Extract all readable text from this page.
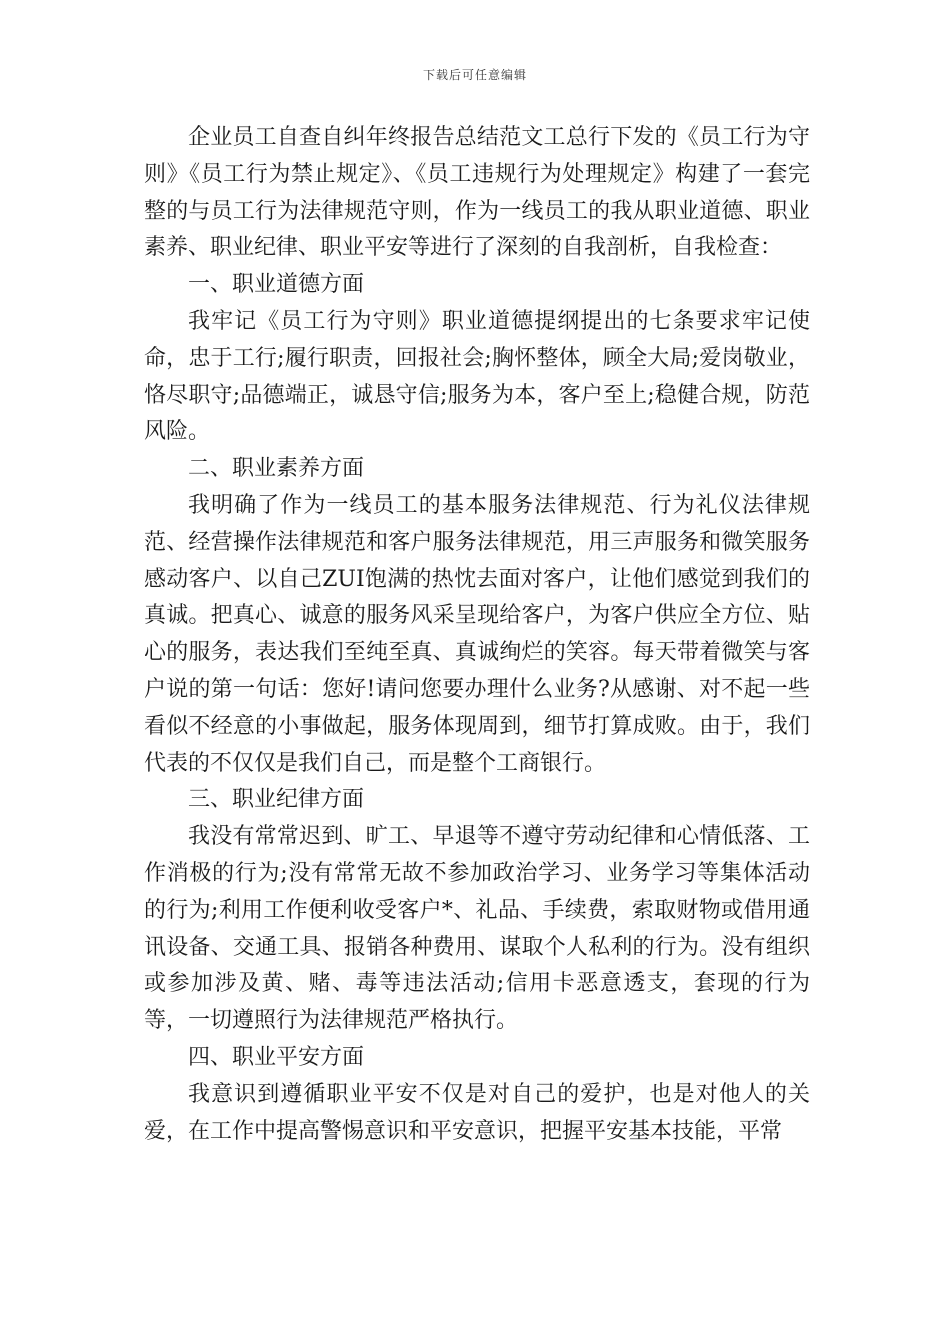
下载后可任意编辑

企业员工自查自纠年终报告总结范文工总行下发的《员工行为守则》《员工行为禁止规定》、《员工违规行为处理规定》构建了一套完整的与员工行为法律规范守则，作为一线员工的我从职业道德、职业素养、职业纪律、职业平安等进行了深刻的自我剖析，自我检查：

一、职业道德方面

我牢记《员工行为守则》职业道德提纲提出的七条要求牢记使命，忠于工行;履行职责，回报社会;胸怀整体，顾全大局;爱岗敬业，恪尽职守;品德端正，诚恳守信;服务为本，客户至上;稳健合规，防范风险。

二、职业素养方面

我明确了作为一线员工的基本服务法律规范、行为礼仪法律规范、经营操作法律规范和客户服务法律规范，用三声服务和微笑服务感动客户、以自己ZUI饱满的热忱去面对客户，让他们感觉到我们的真诚。把真心、诚意的服务风采呈现给客户，为客户供应全方位、贴心的服务，表达我们至纯至真、真诚绚烂的笑容。每天带着微笑与客户说的第一句话：您好!请问您要办理什么业务?从感谢、对不起一些看似不经意的小事做起，服务体现周到，细节打算成败。由于，我们代表的不仅仅是我们自己，而是整个工商银行。

三、职业纪律方面

我没有常常迟到、旷工、早退等不遵守劳动纪律和心情低落、工作消极的行为;没有常常无故不参加政治学习、业务学习等集体活动的行为;利用工作便利收受客户*、礼品、手续费，索取财物或借用通讯设备、交通工具、报销各种费用、谋取个人私利的行为。没有组织或参加涉及黄、赌、毒等违法活动;信用卡恶意透支，套现的行为等，一切遵照行为法律规范严格执行。

四、职业平安方面

我意识到遵循职业平安不仅是对自己的爱护，也是对他人的关爱，在工作中提高警惕意识和平安意识，把握平安基本技能，平常
